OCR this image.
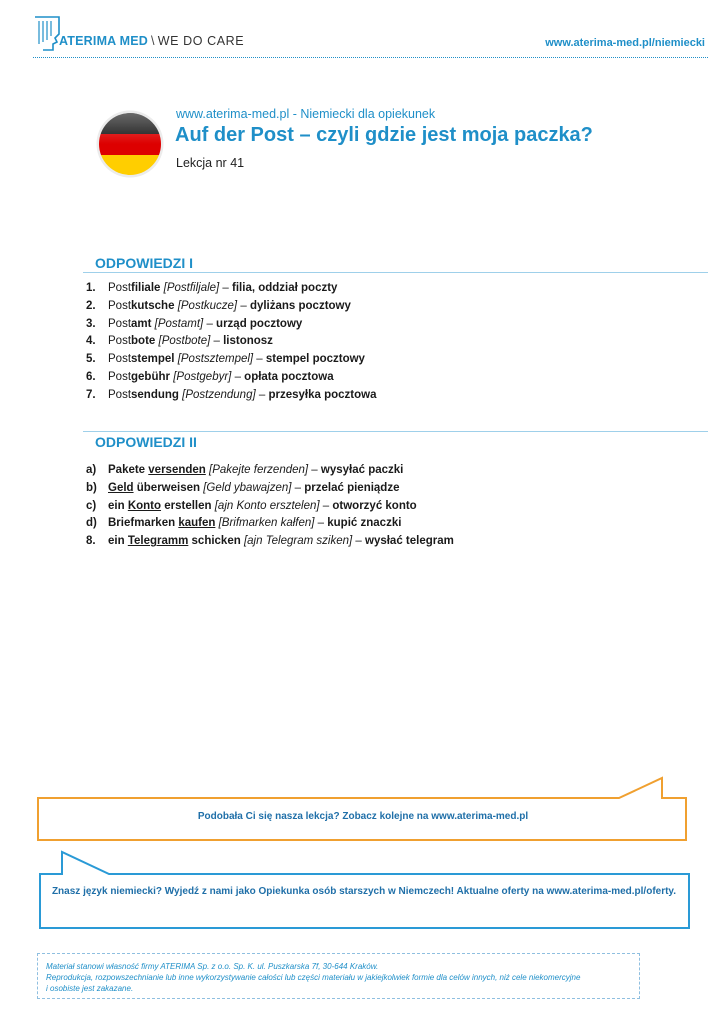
ATERIMA MED \ WE DO CARE	www.aterima-med.pl/niemiecki
www.aterima-med.pl - Niemiecki dla opiekunek
Auf der Post – czyli gdzie jest moja paczka?
Lekcja nr 41
ODPOWIEDZI I
1. Postfiliale [Postfiljale] – filia, oddział poczty
2. Postkutsche [Postkucze] – dyliżans pocztowy
3. Postamt [Postamt] – urząd pocztowy
4. Postbote [Postbote] – listonosz
5. Poststempel [Postsztempel] – stempel pocztowy
6. Postgebühr [Postgebyr] – opłata pocztowa
7. Postsendung [Postzendung] – przesyłka pocztowa
ODPOWIEDZI II
a) Pakete versenden [Pakejte ferzenden] – wysyłać paczki
b) Geld überweisen [Geld ybawajzen] – przelać pieniądze
c) ein Konto erstellen [ajn Konto ersztelen] – otworzyć konto
d) Briefmarken kaufen [Brifmarken kałfen] – kupić znaczki
8. ein Telegramm schicken [ajn Telegram sziken] – wysłać telegram
Podobała Ci się nasza lekcja? Zobacz kolejne na www.aterima-med.pl
Znasz język niemiecki? Wyjedź z nami jako Opiekunka osób starszych w Niemczech! Aktualne oferty na www.aterima-med.pl/oferty.
Materiał stanowi własność firmy ATERIMA Sp. z o.o. Sp. K. ul. Puszkarska 7f, 30-644 Kraków.
Reprodukcja, rozpowszechnianie lub inne wykorzystywanie całości lub części materiału w jakiejkolwiek formie dla celów innych, niż cele niekomercyjne
i osobiste jest zakazane.
